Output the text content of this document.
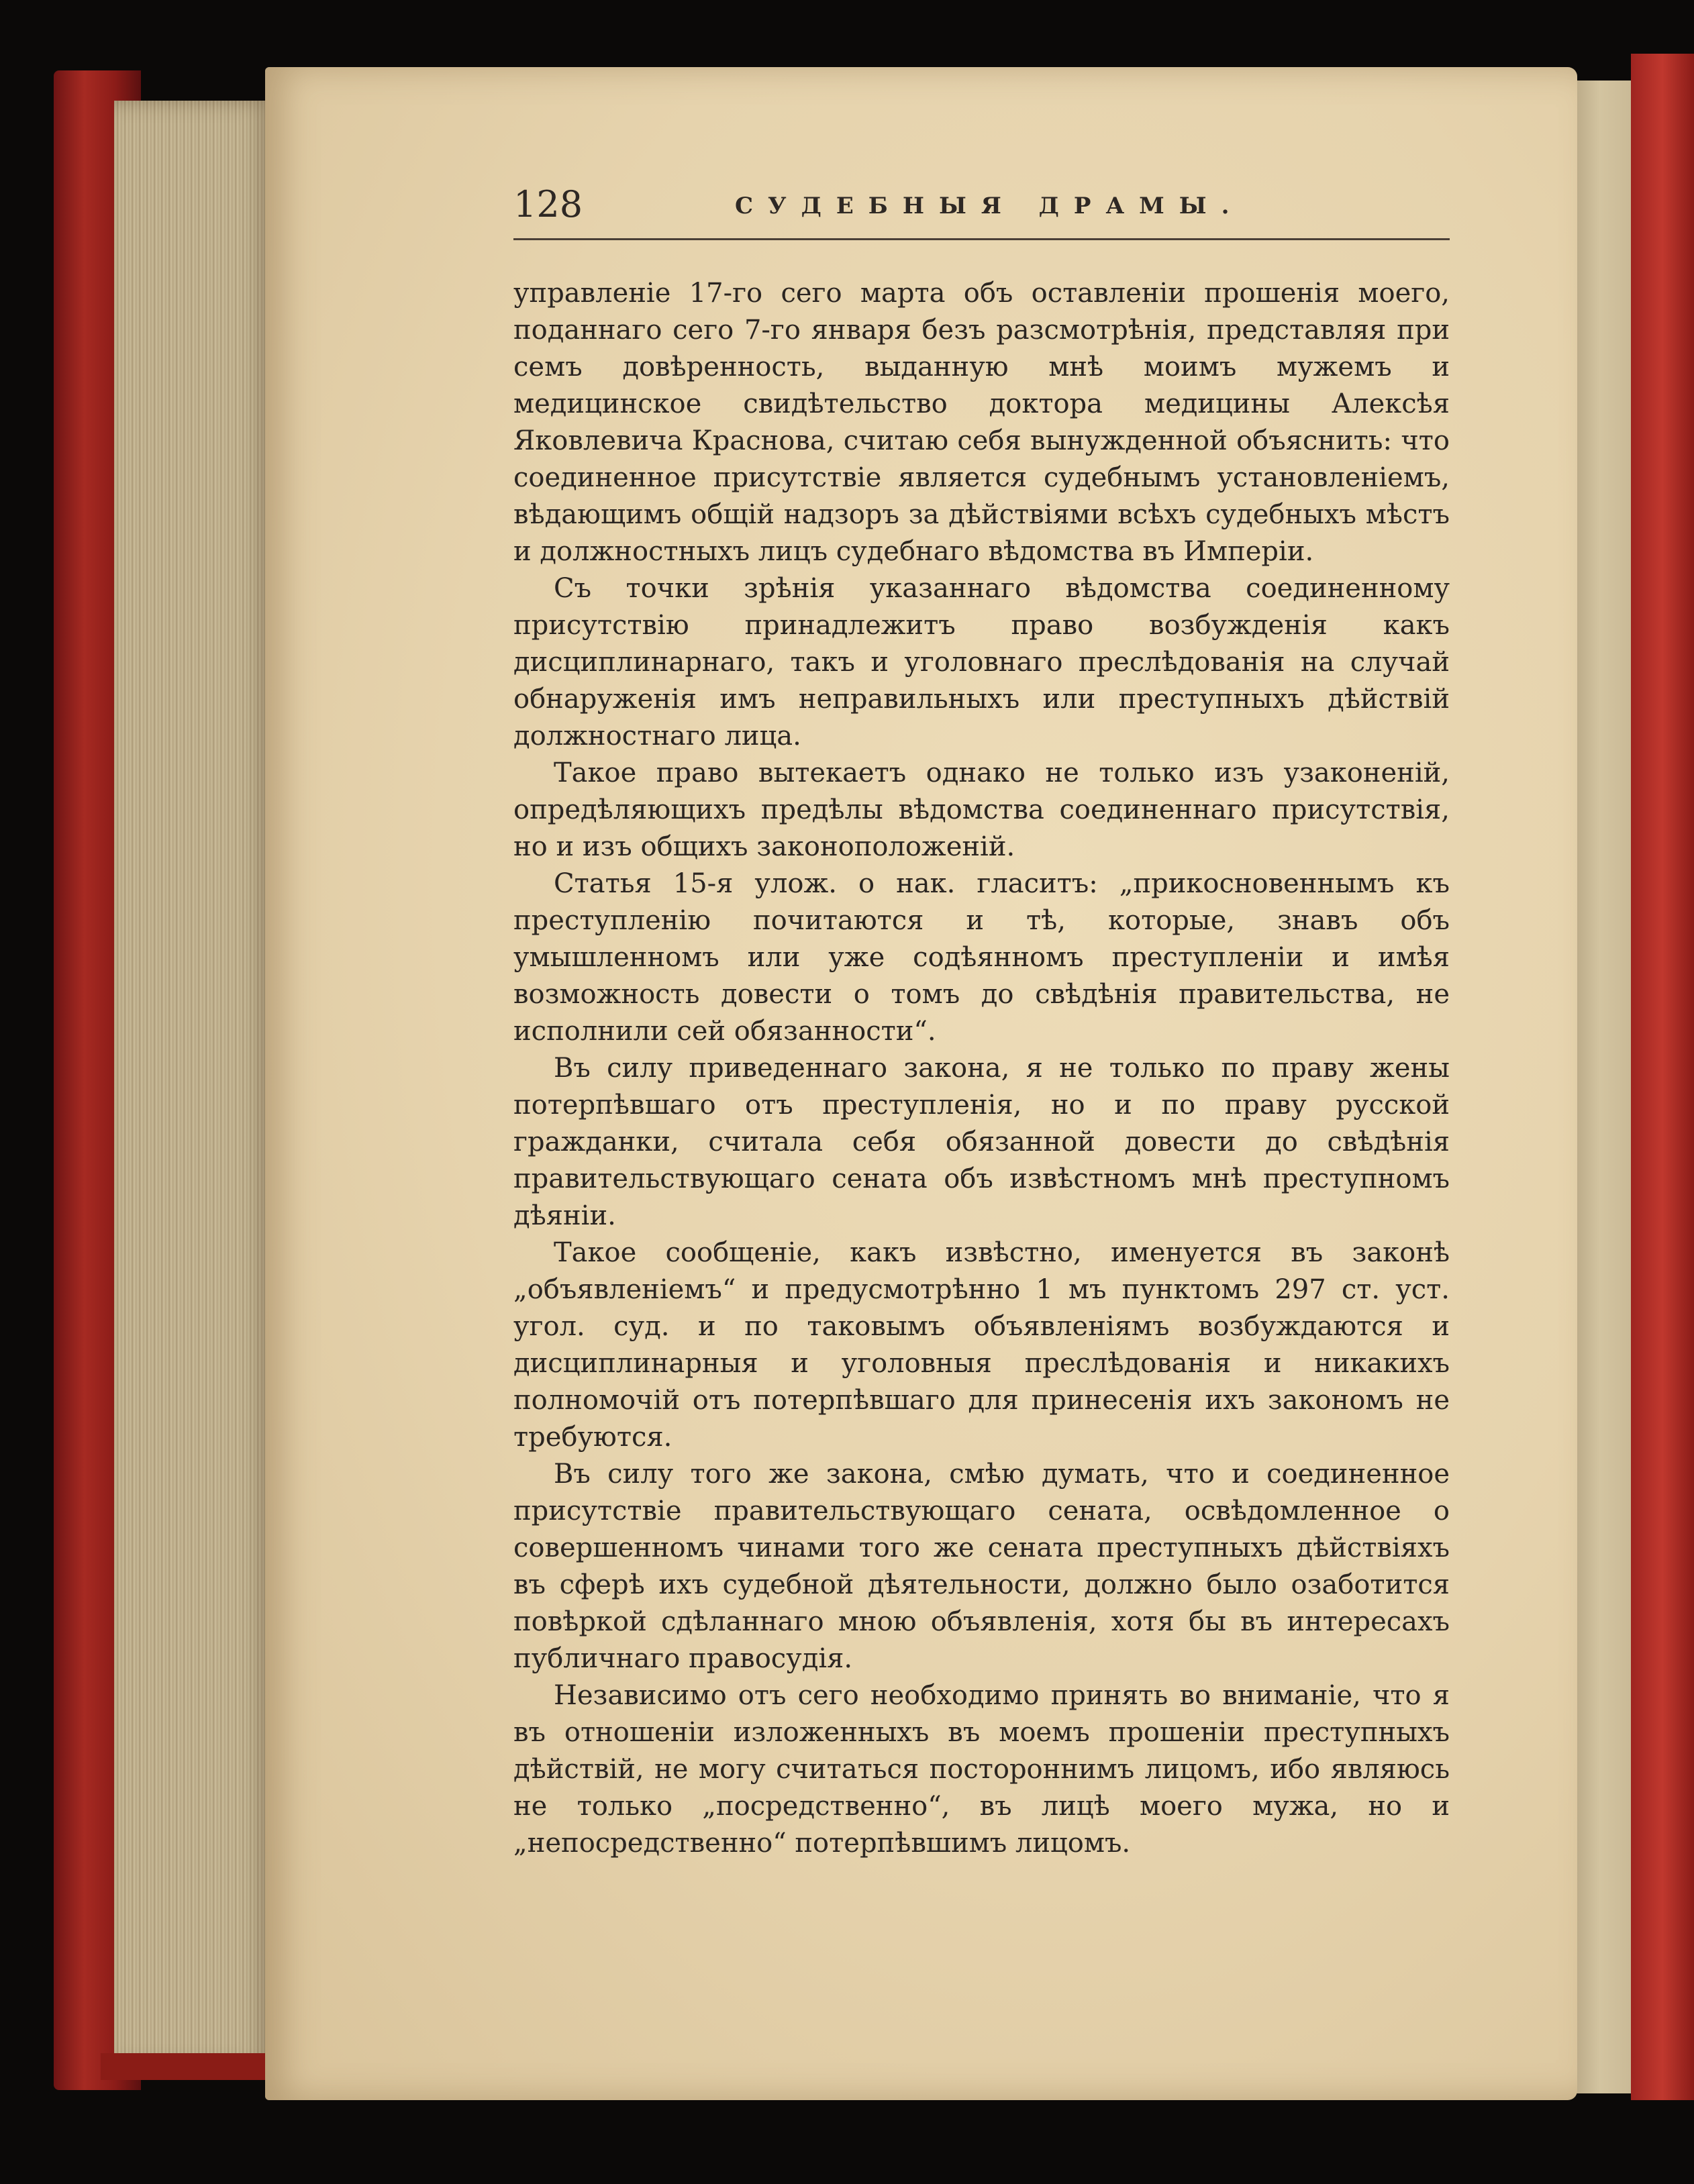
128	СУДЕБНЫЯ ДРАМЫ.

управленіе 17-го сего марта объ оставленіи прошенія моего, поданнаго сего 7-го января безъ разсмотрѣнія, представляя при семъ довѣренность, выданную мнѣ моимъ мужемъ и медицинское свидѣтельство доктора медицины Алексѣя Яковлевича Краснова, считаю себя вынужденной объяснить: что соединенное присутствіе является судебнымъ установленіемъ, вѣдающимъ общій надзоръ за дѣйствіями всѣхъ судебныхъ мѣстъ и должностныхъ лицъ судебнаго вѣдомства въ Имперіи.

Съ точки зрѣнія указаннаго вѣдомства соединенному присутствію принадлежитъ право возбужденія какъ дисциплинарнаго, такъ и уголовнаго преслѣдованія на случай обнаруженія имъ неправильныхъ или преступныхъ дѣйствій должностнаго лица.

Такое право вытекаетъ однако не только изъ узаконеній, опредѣляющихъ предѣлы вѣдомства соединеннаго присутствія, но и изъ общихъ законоположеній.

Статья 15-я улож. о нак. гласитъ: „прикосновеннымъ къ преступленію почитаются и тѣ, которые, знавъ объ умышленномъ или уже содѣянномъ преступленіи и имѣя возможность довести о томъ до свѣдѣнія правительства, не исполнили сей обязанности“.

Въ силу приведеннаго закона, я не только по праву жены потерпѣвшаго отъ преступленія, но и по праву русской гражданки, считала себя обязанной довести до свѣдѣнія правительствующаго сената объ извѣстномъ мнѣ преступномъ дѣяніи.

Такое сообщеніе, какъ извѣстно, именуется въ законѣ „объявленіемъ“ и предусмотрѣнно 1 мъ пунктомъ 297 ст. уст. угол. суд. и по таковымъ объявленіямъ возбуждаются и дисциплинарныя и уголовныя преслѣдованія и никакихъ полномочій отъ потерпѣвшаго для принесенія ихъ закономъ не требуются.

Въ силу того же закона, смѣю думать, что и соединенное присутствіе правительствующаго сената, освѣдомленное о совершенномъ чинами того же сената преступныхъ дѣйствіяхъ въ сферѣ ихъ судебной дѣятельности, должно было озаботится повѣркой сдѣланнаго мною объявленія, хотя бы въ интересахъ публичнаго правосудія.

Независимо отъ сего необходимо принять во вниманіе, что я въ отношеніи изложенныхъ въ моемъ прошеніи преступныхъ дѣйствій, не могу считаться постороннимъ лицомъ, ибо являюсь не только „посредственно“, въ лицѣ моего мужа, но и „непосредственно“ потерпѣвшимъ лицомъ.
